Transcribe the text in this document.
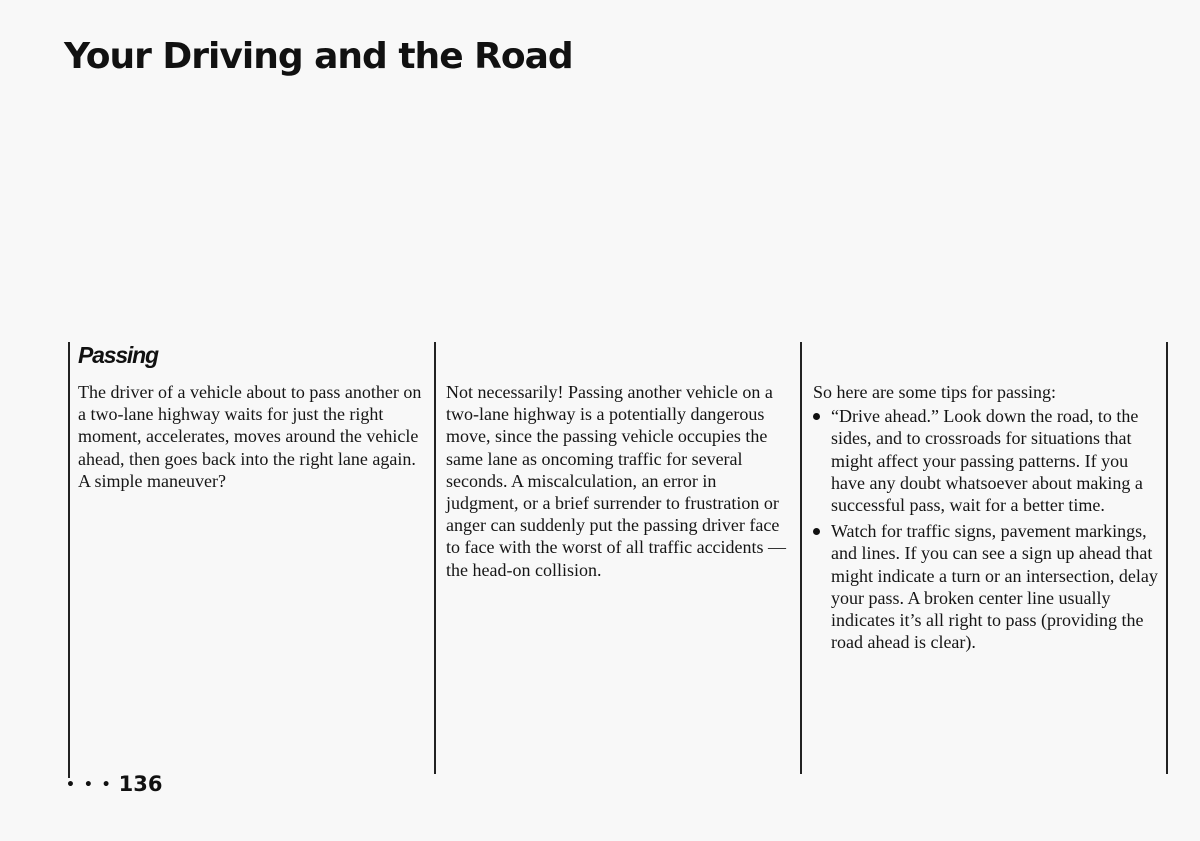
Your Driving and the Road
Passing

The driver of a vehicle about to pass another on a two-lane highway waits for just the right moment, accelerates, moves around the vehicle ahead, then goes back into the right lane again. A simple maneuver?

Not necessarily! Passing another vehicle on a two-lane highway is a potentially dangerous move, since the passing vehicle occupies the same lane as oncoming traffic for several seconds. A miscalculation, an error in judgment, or a brief surrender to frustration or anger can suddenly put the passing driver face to face with the worst of all traffic accidents — the head-on collision.

So here are some tips for passing:

“Drive ahead.” Look down the road, to the sides, and to crossroads for situations that might affect your passing patterns. If you have any doubt whatsoever about making a successful pass, wait for a better time.
Watch for traffic signs, pavement markings, and lines. If you can see a sign up ahead that might indicate a turn or an intersection, delay your pass. A broken center line usually indicates it’s all right to pass (providing the road ahead is clear).
• • • 136
